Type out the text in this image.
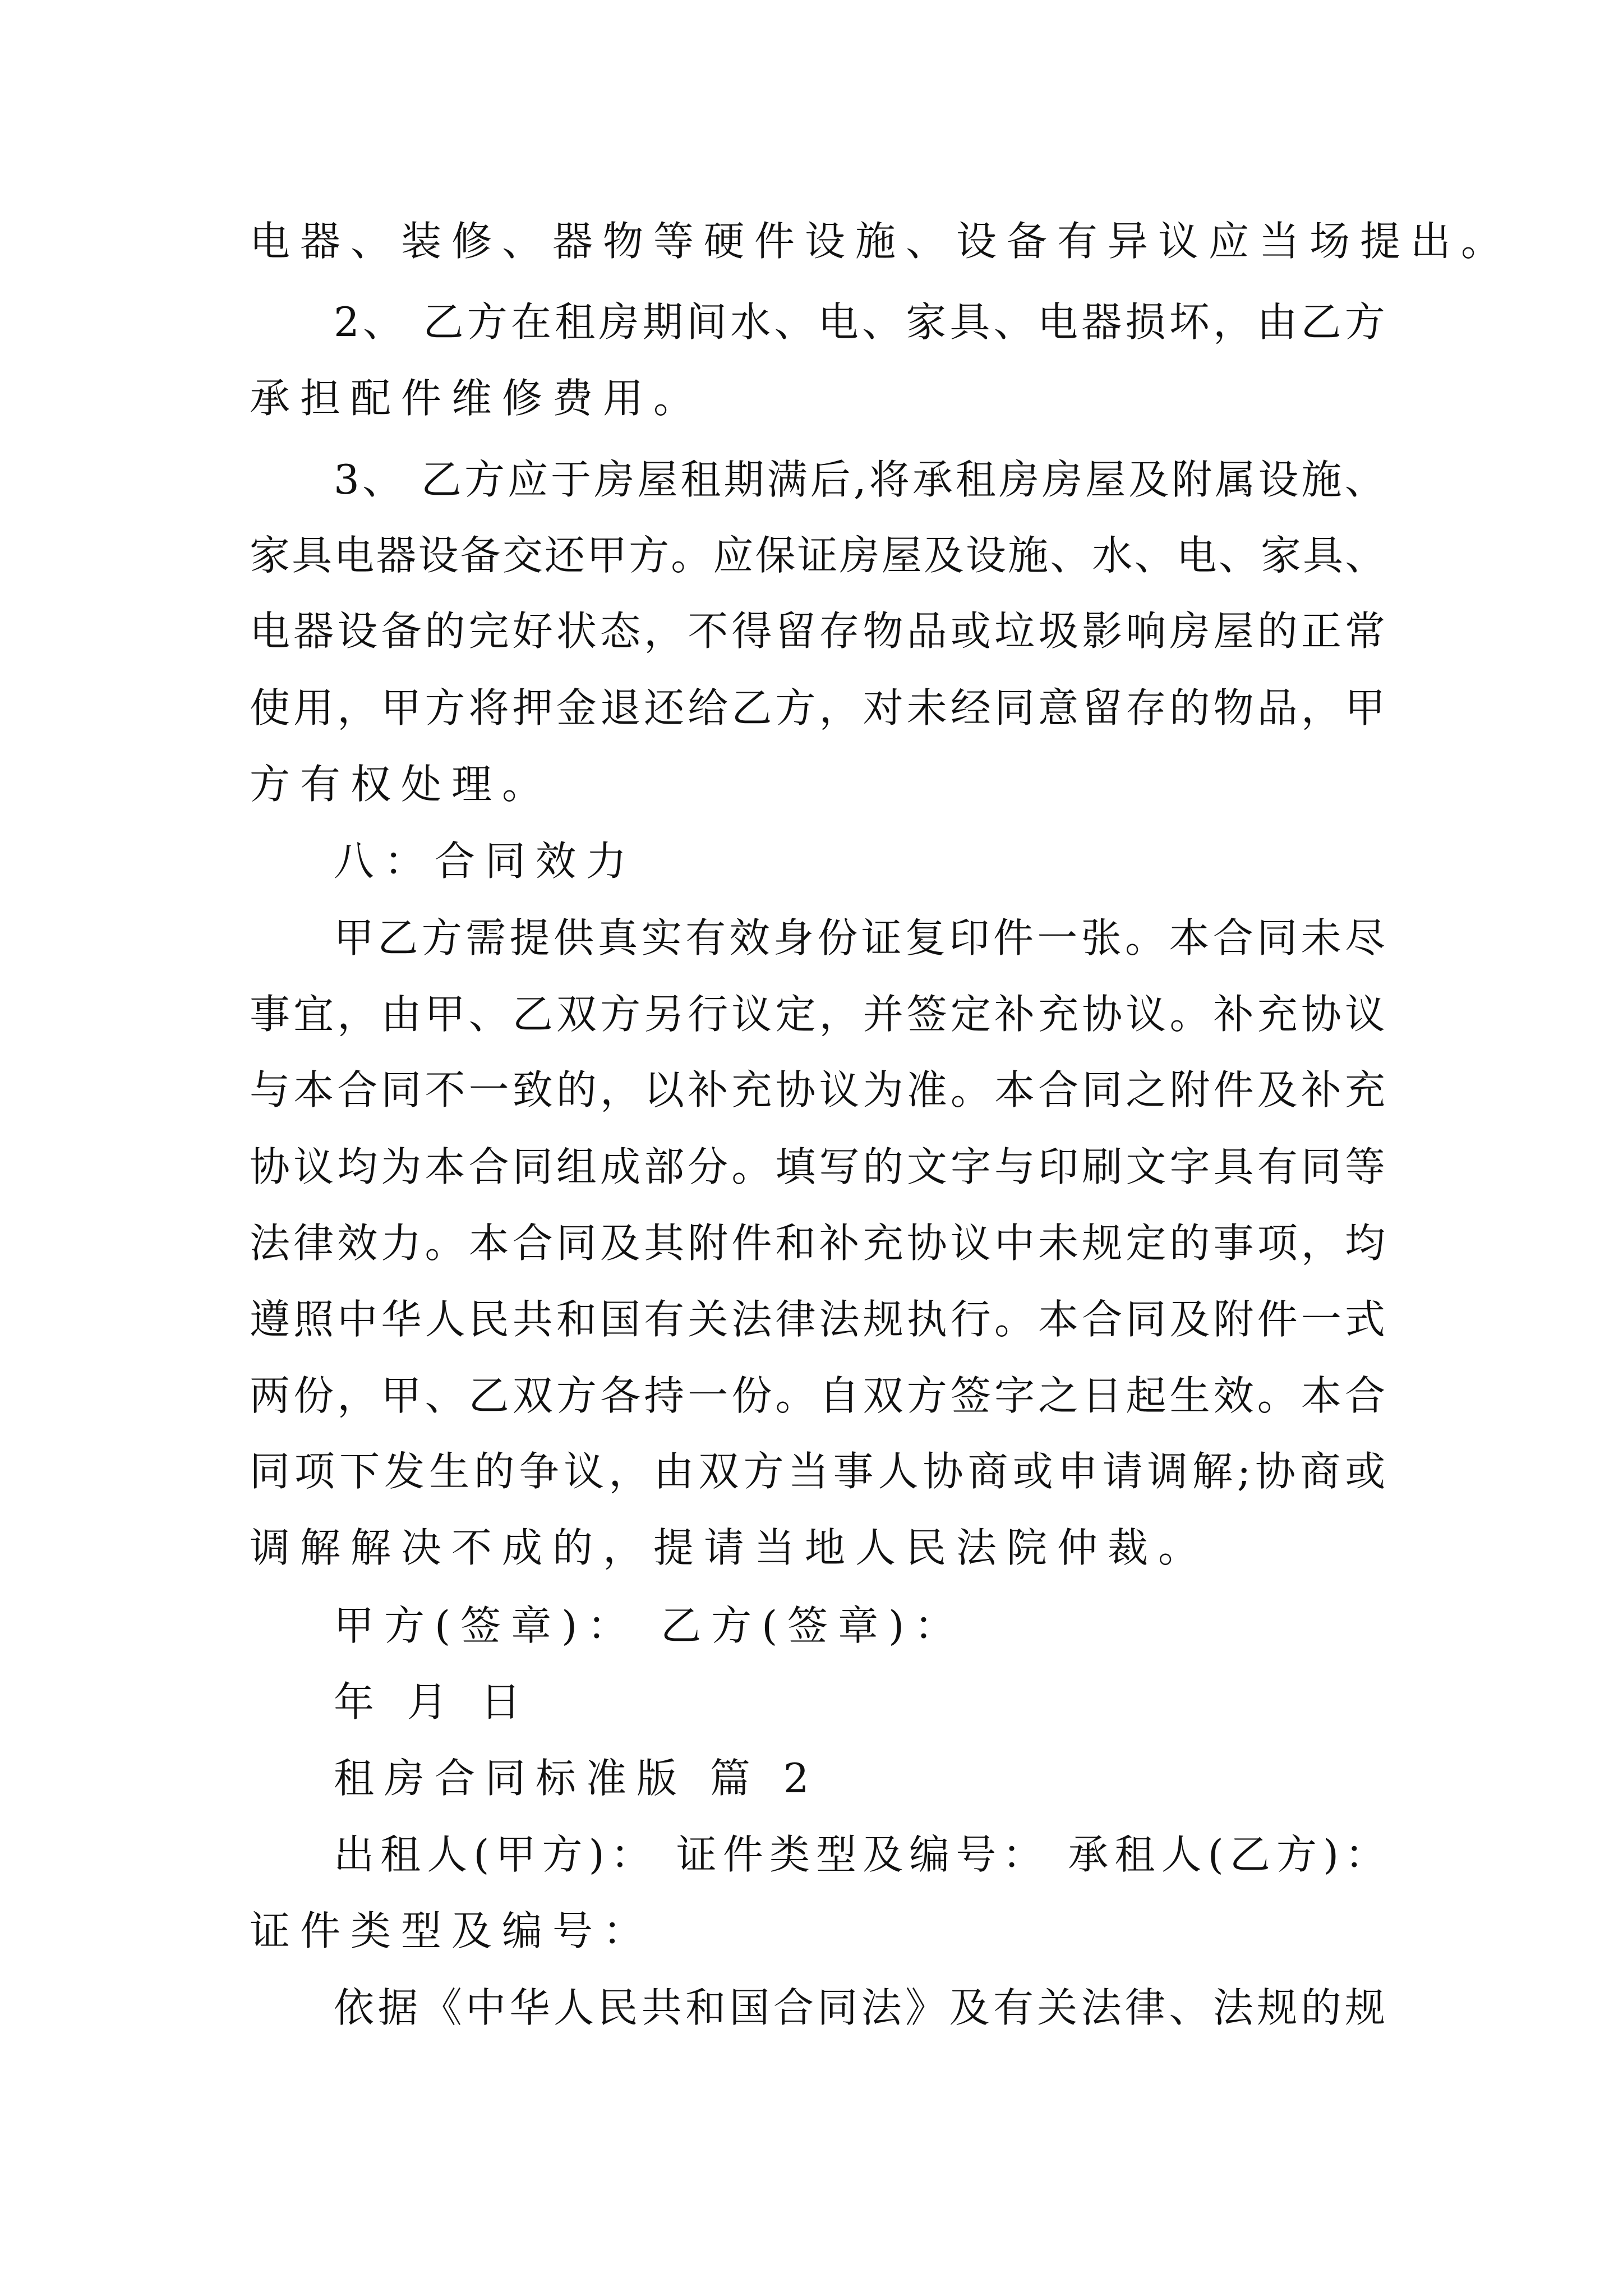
电器、装修、器物等硬件设施、设备有异议应当场提出。
2、 乙方在租房期间水、电、家具、电器损坏，由乙方
承担配件维修费用。
3、 乙方应于房屋租期满后,将承租房房屋及附属设施、
家具电器设备交还甲方。应保证房屋及设施、水、电、家具、
电器设备的完好状态，不得留存物品或垃圾影响房屋的正常
使用，甲方将押金退还给乙方，对未经同意留存的物品，甲
方有权处理。
八：合同效力
甲乙方需提供真实有效身份证复印件一张。本合同未尽
事宜，由甲、乙双方另行议定，并签定补充协议。补充协议
与本合同不一致的，以补充协议为准。本合同之附件及补充
协议均为本合同组成部分。填写的文字与印刷文字具有同等
法律效力。本合同及其附件和补充协议中未规定的事项，均
遵照中华人民共和国有关法律法规执行。本合同及附件一式
两份，甲、乙双方各持一份。自双方签字之日起生效。本合
同项下发生的争议，由双方当事人协商或申请调解;协商或
调解解决不成的，提请当地人民法院仲裁。
甲方(签章)： 乙方(签章)：
年 月 日
租房合同标准版 篇 2
出租人(甲方)： 证件类型及编号： 承租人(乙方)：
证件类型及编号：
依据《中华人民共和国合同法》及有关法律、法规的规
